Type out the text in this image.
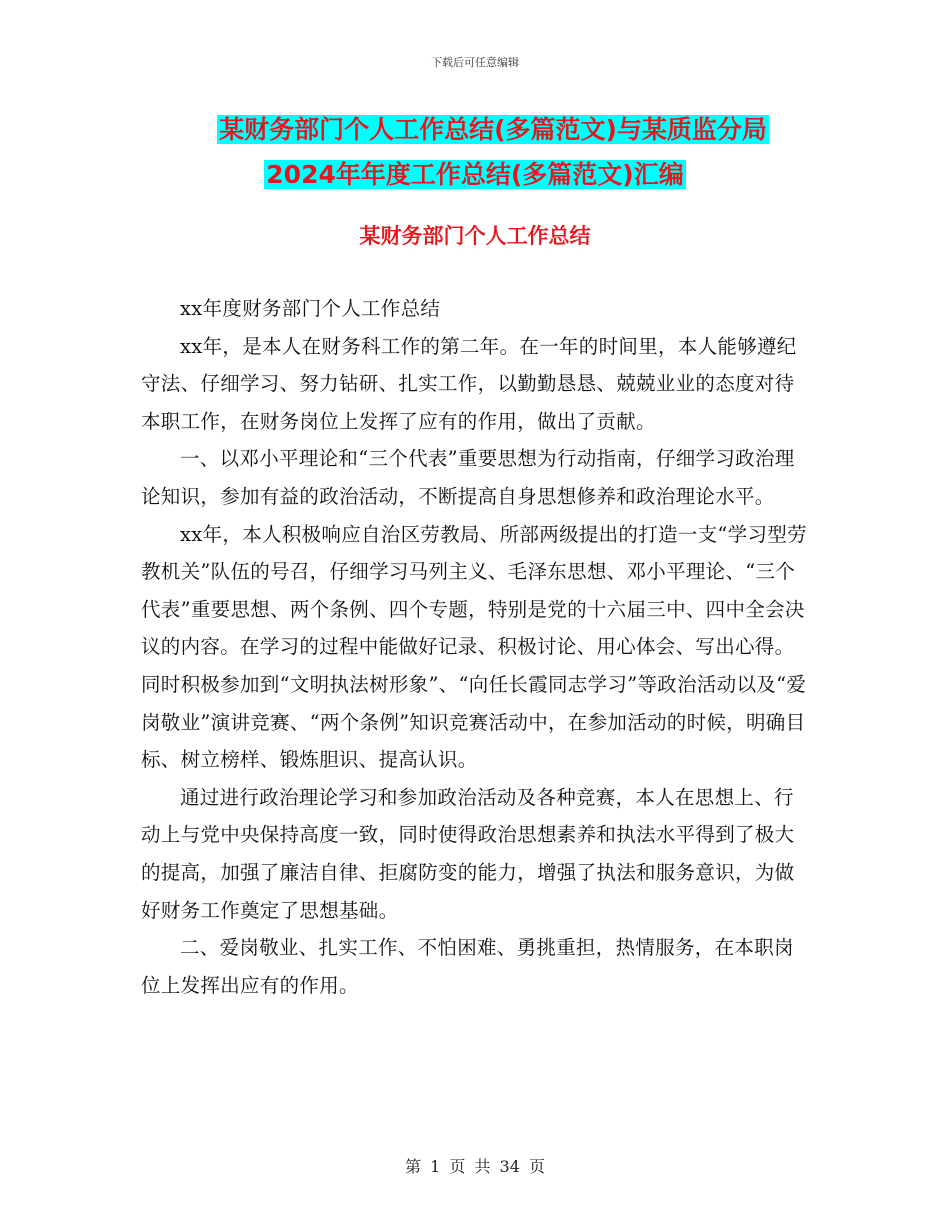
下载后可任意编辑
某财务部门个人工作总结(多篇范文)与某质监分局
2024年年度工作总结(多篇范文)汇编
某财务部门个人工作总结

xx年度财务部门个人工作总结

xx年，是本人在财务科工作的第二年。在一年的时间里，本人能够遵纪守法、仔细学习、努力钻研、扎实工作，以勤勤恳恳、兢兢业业的态度对待本职工作，在财务岗位上发挥了应有的作用，做出了贡献。

一、以邓小平理论和“三个代表”重要思想为行动指南，仔细学习政治理论知识，参加有益的政治活动，不断提高自身思想修养和政治理论水平。

xx年，本人积极响应自治区劳教局、所部两级提出的打造一支“学习型劳教机关”队伍的号召，仔细学习马列主义、毛泽东思想、邓小平理论、“三个代表”重要思想、两个条例、四个专题，特别是党的十六届三中、四中全会决议的内容。在学习的过程中能做好记录、积极讨论、用心体会、写出心得。同时积极参加到“文明执法树形象”、“向任长霞同志学习”等政治活动以及“爱岗敬业”演讲竞赛、“两个条例”知识竞赛活动中，在参加活动的时候，明确目标、树立榜样、锻炼胆识、提高认识。

通过进行政治理论学习和参加政治活动及各种竞赛，本人在思想上、行动上与党中央保持高度一致，同时使得政治思想素养和执法水平得到了极大的提高，加强了廉洁自律、拒腐防变的能力，增强了执法和服务意识，为做好财务工作奠定了思想基础。

二、爱岗敬业、扎实工作、不怕困难、勇挑重担，热情服务，在本职岗位上发挥出应有的作用。

第 1 页 共 34 页
